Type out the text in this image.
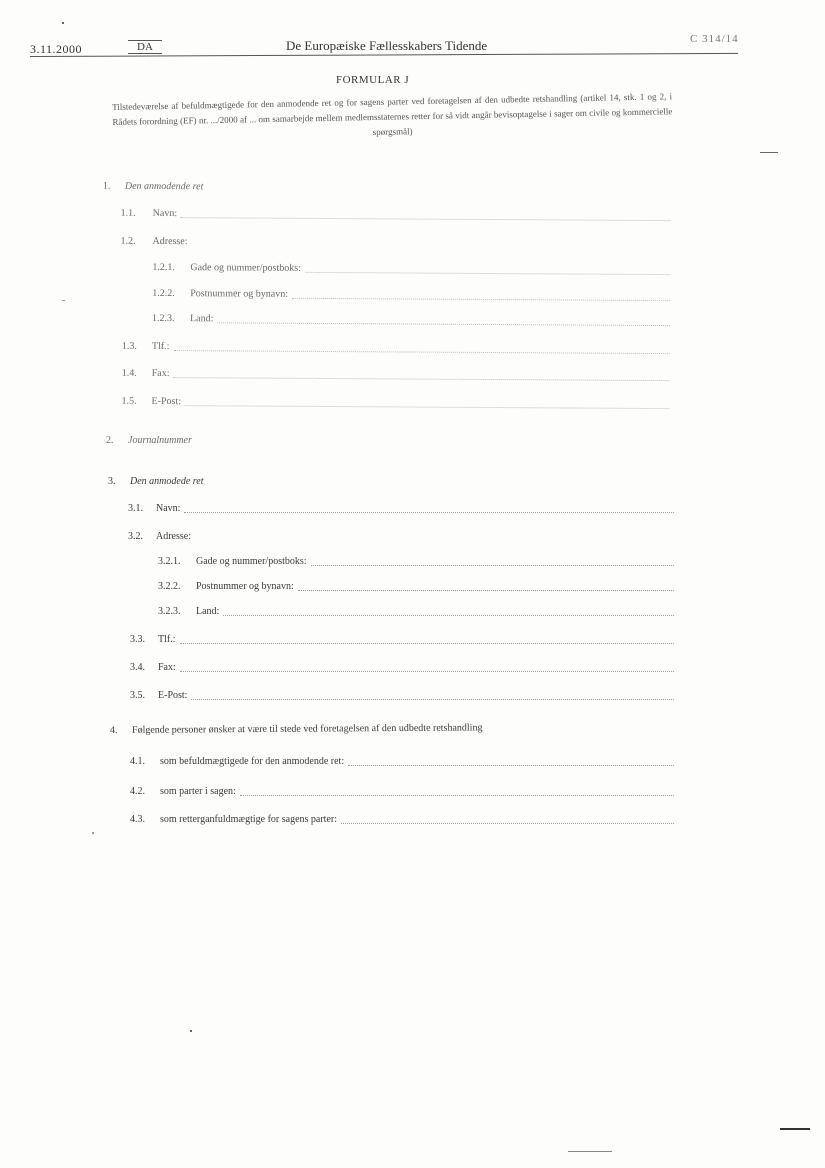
3.11.2000	DA	De Europæiske Fællesskabers Tidende	C 314/14
FORMULAR J

Tilstedeværelse af befuldmægtigede for den anmodende ret og for sagens parter ved foretagelsen af den udbedte retshandling (artikel 14, stk. 1 og 2, i Rådets forordning (EF) nr. .../2000 af ... om samarbejde mellem medlemsstaternes retter for så vidt angår bevisoptagelse i sager om civile og kommercielle spørgsmål)

1. Den anmodende ret
1.1.	Navn:
1.2.	Adresse:
1.2.1.	Gade og nummer/postboks:
1.2.2.	Postnummer og bynavn:
1.2.3.	Land:
1.3.	Tlf.:
1.4.	Fax:
1.5.	E-Post:
2. Journalnummer
3. Den anmodede ret
3.1.	Navn:
3.2.	Adresse:
3.2.1.	Gade og nummer/postboks:
3.2.2.	Postnummer og bynavn:
3.2.3.	Land:
3.3.	Tlf.:
3.4.	Fax:
3.5.	E-Post:
4. Følgende personer ønsker at være til stede ved foretagelsen af den udbedte retshandling
4.1.	som befuldmægtigede for den anmodende ret:
4.2.	som parter i sagen:
4.3.	som retterganfuldmægtige for sagens parter:
